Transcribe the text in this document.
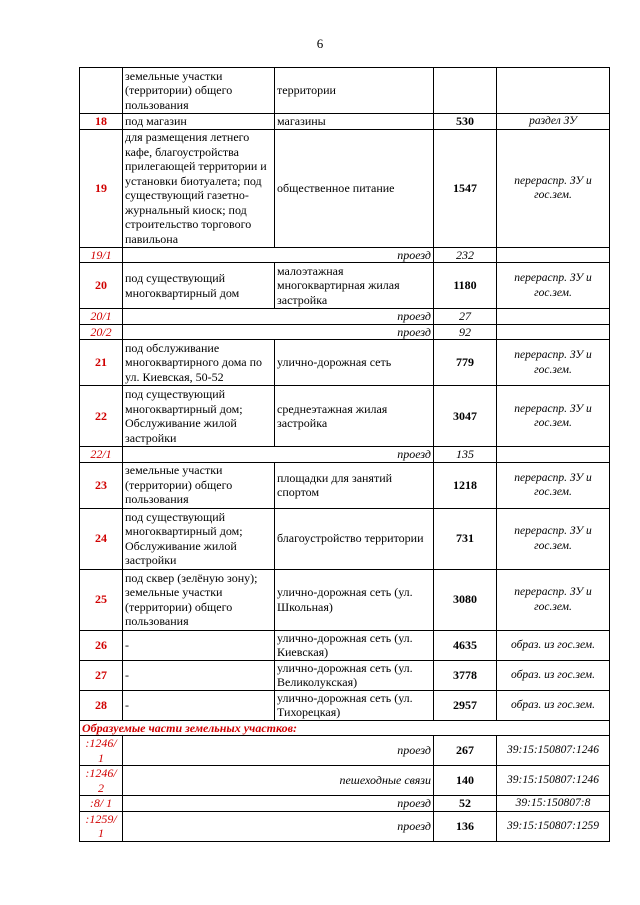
6
	земельные участки (территории) общего пользования	территории		
18	под магазин	магазины	530	раздел ЗУ
19	для размещения летнего кафе, благоустройства прилегающей территории и установки биотуалета; под существующий газетно-журнальный киоск; под строительство торгового павильона	общественное питание	1547	перераспр. ЗУ и гос.зем.
19/1	проезд		232	
20	под существующий многоквартирный дом	малоэтажная многоквартирная жилая застройка	1180	перераспр. ЗУ и гос.зем.
20/1	проезд		27	
20/2	проезд		92	
21	под обслуживание многоквартирного дома по ул. Киевская, 50-52	улично-дорожная сеть	779	перераспр. ЗУ и гос.зем.
22	под существующий многоквартирный дом; Обслуживание жилой застройки	среднеэтажная жилая застройка	3047	перераспр. ЗУ и гос.зем.
22/1	проезд		135	
23	земельные участки (территории) общего пользования	площадки для занятий спортом	1218	перераспр. ЗУ и гос.зем.
24	под существующий многоквартирный дом; Обслуживание жилой застройки	благоустройство территории	731	перераспр. ЗУ и гос.зем.
25	под сквер (зелёную зону); земельные участки (территории) общего пользования	улично-дорожная сеть (ул. Школьная)	3080	перераспр. ЗУ и гос.зем.
26	-	улично-дорожная сеть (ул. Киевская)	4635	образ. из гос.зем.
27	-	улично-дорожная сеть (ул. Великолукская)	3778	образ. из гос.зем.
28	-	улично-дорожная сеть (ул. Тихорецкая)	2957	образ. из гос.зем.
Образуемые части земельных участков:				
:1246/ 1	проезд		267	39:15:150807:1246
:1246/ 2	пешеходные связи		140	39:15:150807:1246
:8/ 1	проезд		52	39:15:150807:8
:1259/ 1	проезд		136	39:15:150807:1259
